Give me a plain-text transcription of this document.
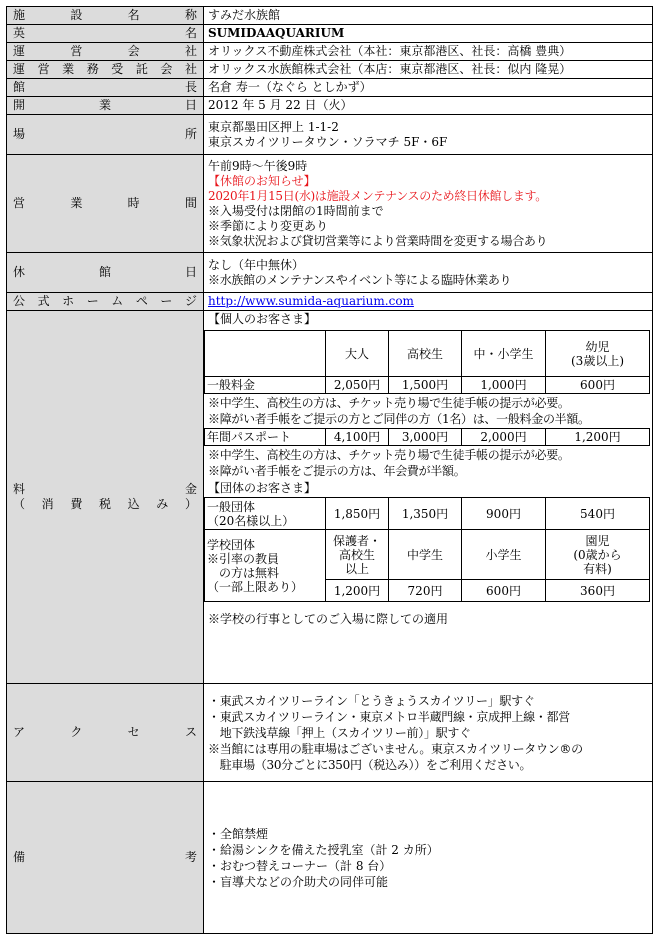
施	設	名	称	すみだ水族館

英	名	SUMIDAAQUARIUM

運	営	会	社	オリックス不動産株式会社（本社：東京都港区、社長：高橋 豊典）

運 営 業 務 受 託 会 社	オリックス水族館株式会社（本店：東京都港区、社長：似内 隆晃）

館	長	名倉 寿一（なぐら としかず）

開	業	日	2012 年 5 月 22 日（火）

場	所

東京都墨田区押上 1-1-2
東京スカイツリータウン・ソラマチ 5F・6F

営	業	時	間

午前9時～午後9時
【休館のお知らせ】
2020年1月15日(水)は施設メンテナンスのため終日休館します。
※入場受付は閉館の1時間前まで
※季節により変更あり
※気象状況および貸切営業等により営業時間を変更する場合あり

休	館	日

なし（年中無休）
※水族館のメンテナンスやイベント等による臨時休業あり

公 式 ホ ー ム ペ ー ジ	http://www.sumida-aquarium.com

料	金
（ 消 費 税 込 み ）

【個人のお客さま】
	大人	高校生	中・小学生	幼児
(3歳以上)
一般料金	2,050円	1,500円	1,000円	600円
※中学生、高校生の方は、チケット売り場で生徒手帳の提示が必要。
※障がい者手帳をご提示の方とご同伴の方（1名）は、一般料金の半額。
年間パスポート	4,100円	3,000円	2,000円	1,200円
※中学生、高校生の方は、チケット売り場で生徒手帳の提示が必要。
※障がい者手帳をご提示の方は、年会費が半額。
【団体のお客さま】
一般団体
（20名様以上）	1,850円	1,350円	900円	540円

学校団体
※引率の教員
の方は無料
（一部上限あり）
	保護者・
高校生
以上	中学生	小学生	園児
(0歳から
有料)
1,200円	720円	600円	360円
※学校の行事としてのご入場に際しての適用

ア	ク	セ	ス

・東武スカイツリーライン「とうきょうスカイツリー」駅すぐ
・東武スカイツリーライン・東京メトロ半蔵門線・京成押上線・都営
　地下鉄浅草線「押上（スカイツリー前）」駅すぐ
※当館には専用の駐車場はございません。東京スカイツリータウン®の
　駐車場（30分ごとに350円（税込み））をご利用ください。

備	考

・全館禁煙
・給湯シンクを備えた授乳室（計 2 カ所）
・おむつ替えコーナー（計 8 台）
・盲導犬などの介助犬の同伴可能
